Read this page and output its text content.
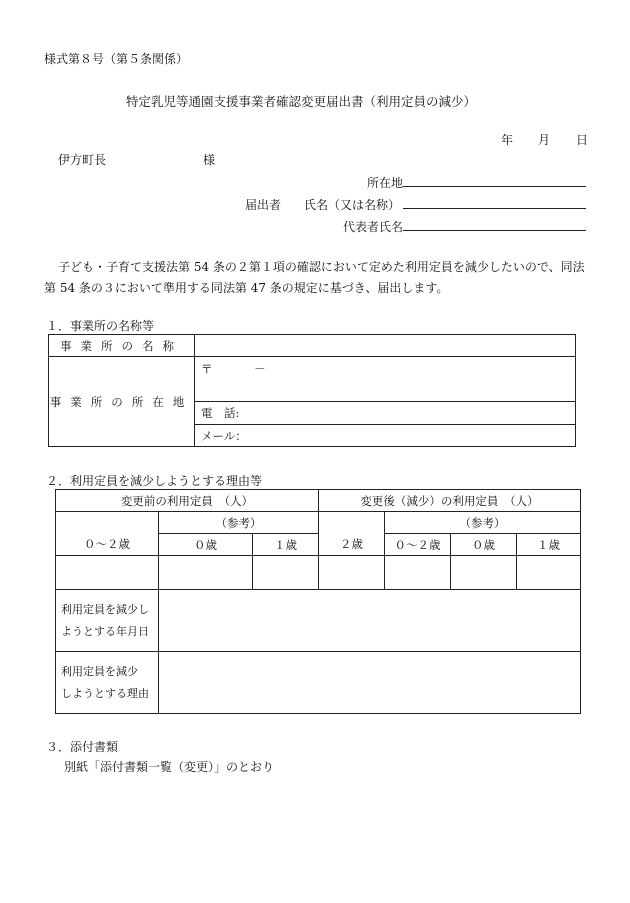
様式第８号（第５条関係）
特定乳児等通園支援事業者確認変更届出書（利用定員の減少）
年 月 日
伊方町長	様
所在地
届出者 氏名（又は名称）
代表者氏名
子ども・子育て支援法第 54 条の２第１項の確認において定めた利用定員を減少したいので、同法
第 54 条の３において準用する同法第 47 条の規定に基づき、届出します。
１．事業所の名称等
事業所の名称	
事業所の所在地	〒 －
	電　話:
	メール：
２．利用定員を減少しようとする理由等
変更前の利用定員　（人）			変更後（減少）の利用定員　（人）			
	（参考）			（参考）		
０～２歳	０歳	１歳	２歳	０～２歳	０歳	１歳

利用定員を減少し
ようとする年月日						

利用定員を減少
しようとする理由						

３．添付書類
別紙「添付書類一覧（変更）」のとおり
